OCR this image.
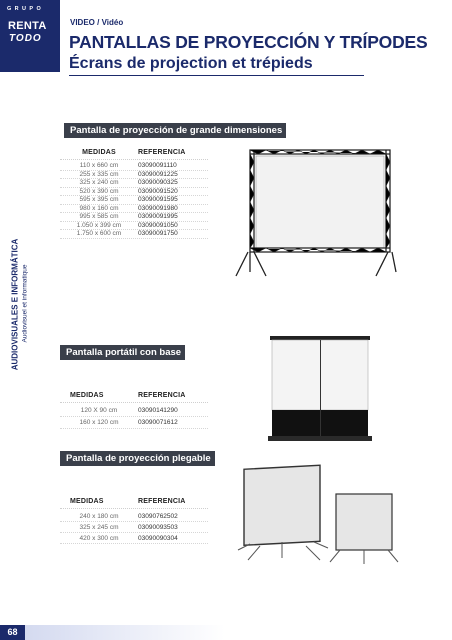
GRUPO
RENTA
TODO
AUDIOVISUALES E INFORMÁTICA Audiovisuel et informatique
VIDEO / Vidéo
PANTALLAS DE PROYECCIÓN Y TRÍPODES
Écrans de projection et trépieds
Pantalla de proyección de grande dimensiones
MEDIDAS	REFERENCIA
110 x 660 cm	03090091110
255 x 335 cm	03090091225
325 x 240 cm	03090090325
520 x 390 cm	03090091520
595 x 395 cm	03090091595
980 x 160 cm	03090091980
995 x 585 cm	03090091995
1.050 x 399 cm	03090091050
1.750 x 600 cm	03090091750
Pantalla portátil con base
MEDIDAS	REFERENCIA
120 X 90 cm	03090141290
160 x 120 cm	03090071612
Pantalla de proyección plegable
MEDIDAS	REFERENCIA
240 x 180 cm	03090762502
325 x 245 cm	03090093503
420 x 300 cm	03090090304
68
